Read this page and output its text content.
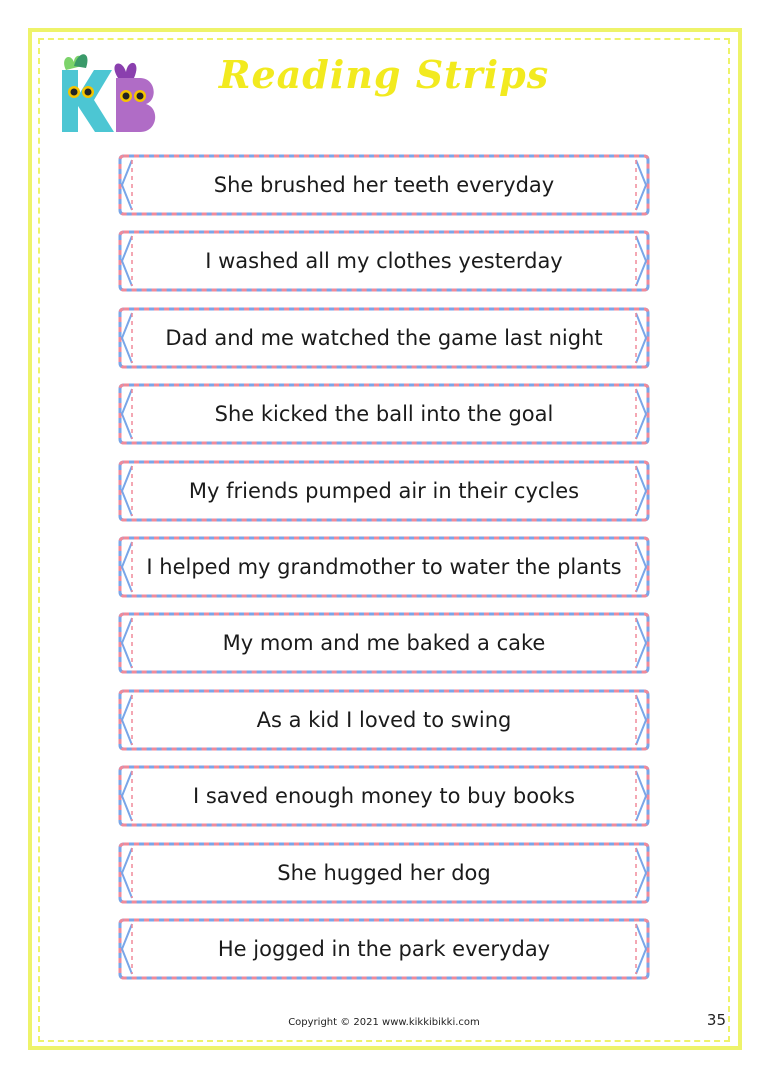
Reading Strips
She brushed her teeth everyday
I washed all my clothes yesterday
Dad and me watched the game last night
She kicked the ball into the goal
My friends pumped air in their cycles
I helped my grandmother to water the plants
My mom and me baked a cake
As a kid I loved to swing
I saved enough money to buy books
She hugged her dog
He jogged in the park everyday
Copyright © 2021 www.kikkibikki.com	35
